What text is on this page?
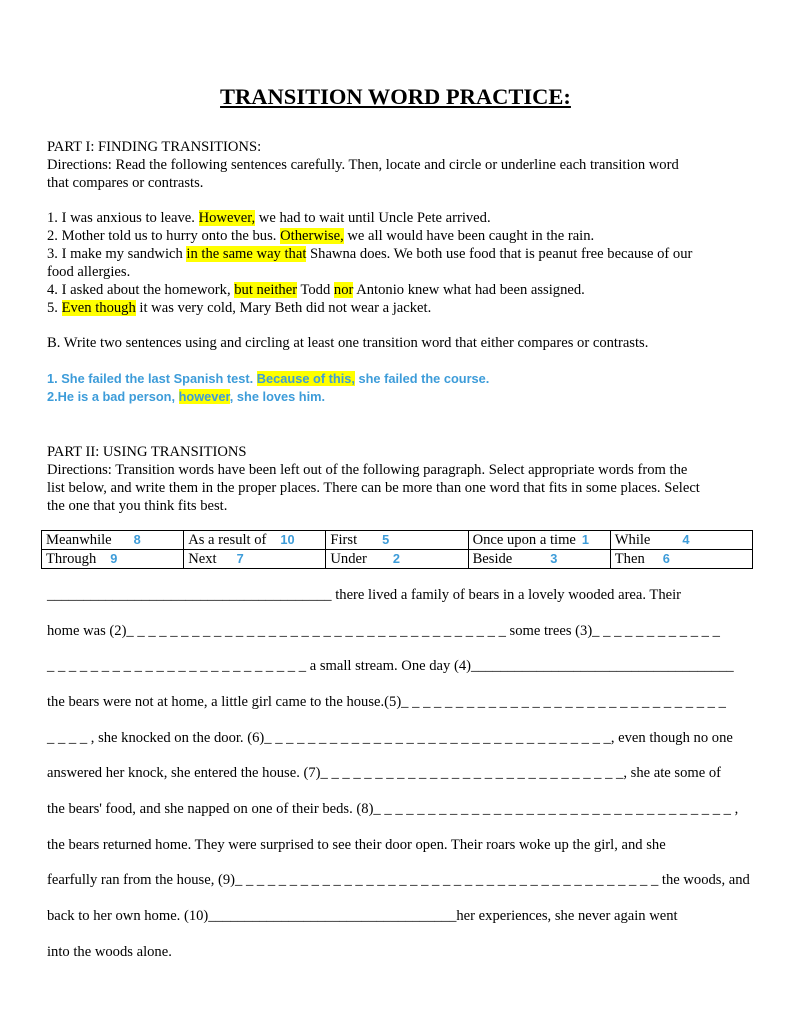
TRANSITION WORD PRACTICE:
PART I: FINDING TRANSITIONS:
Directions: Read the following sentences carefully. Then, locate and circle or underline each transition word
that compares or contrasts.
1. I was anxious to leave. However, we had to wait until Uncle Pete arrived.
2. Mother told us to hurry onto the bus. Otherwise, we all would have been caught in the rain.
3. I make my sandwich in the same way that Shawna does. We both use food that is peanut free because of our
food allergies.
4. I asked about the homework, but neither Todd nor Antonio knew what had been assigned.
5. Even though it was very cold, Mary Beth did not wear a jacket.
B. Write two sentences using and circling at least one transition word that either compares or contrasts.
1. She failed the last Spanish test. Because of this, she failed the course.
2.He is a bad person, however, she loves him.
PART II: USING TRANSITIONS
Directions: Transition words have been left out of the following paragraph. Select appropriate words from the
list below, and write them in the proper places. There can be more than one word that fits in some places. Select
the one that you think fits best.
Meanwhile 8	As a result of 10	First 5	Once upon a time 1	While 4
Through 9	Next 7	Under 2	Beside 3	Then 6
_______________________________________ there lived a family of bears in a lovely wooded area. Their
home was (2)_ _ _ _ _ _ _ _ _ _ _ _ _ _ _ _ _ _ _ _ _ _ _ _ _ _ _ _ _ _ _ _ _ _ _ some trees (3)_ _ _ _ _ _ _ _ _ _ _ _
_ _ _ _ _ _ _ _ _ _ _ _ _ _ _ _ _ _ _ _ _ _ _ _ a small stream. One day (4)____________________________________
the bears were not at home, a little girl came to the house.(5)_ _ _ _ _ _ _ _ _ _ _ _ _ _ _ _ _ _ _ _ _ _ _ _ _ _ _ _ _ _
_ _ _ _ , she knocked on the door. (6)_ _ _ _ _ _ _ _ _ _ _ _ _ _ _ _ _ _ _ _ _ _ _ _ _ _ _ _ _ _ _ _, even though no one
answered her knock, she entered the house. (7)_ _ _ _ _ _ _ _ _ _ _ _ _ _ _ _ _ _ _ _ _ _ _ _ _ _ _ _, she ate some of
the bears' food, and she napped on one of their beds. (8)_ _ _ _ _ _ _ _ _ _ _ _ _ _ _ _ _ _ _ _ _ _ _ _ _ _ _ _ _ _ _ _ _ ,
the bears returned home. They were surprised to see their door open. Their roars woke up the girl, and she
fearfully ran from the house, (9)_ _ _ _ _ _ _ _ _ _ _ _ _ _ _ _ _ _ _ _ _ _ _ _ _ _ _ _ _ _ _ _ _ _ _ _ _ _ _ the woods, and
back to her own home. (10)__________________________________her experiences, she never again went
into the woods alone.
